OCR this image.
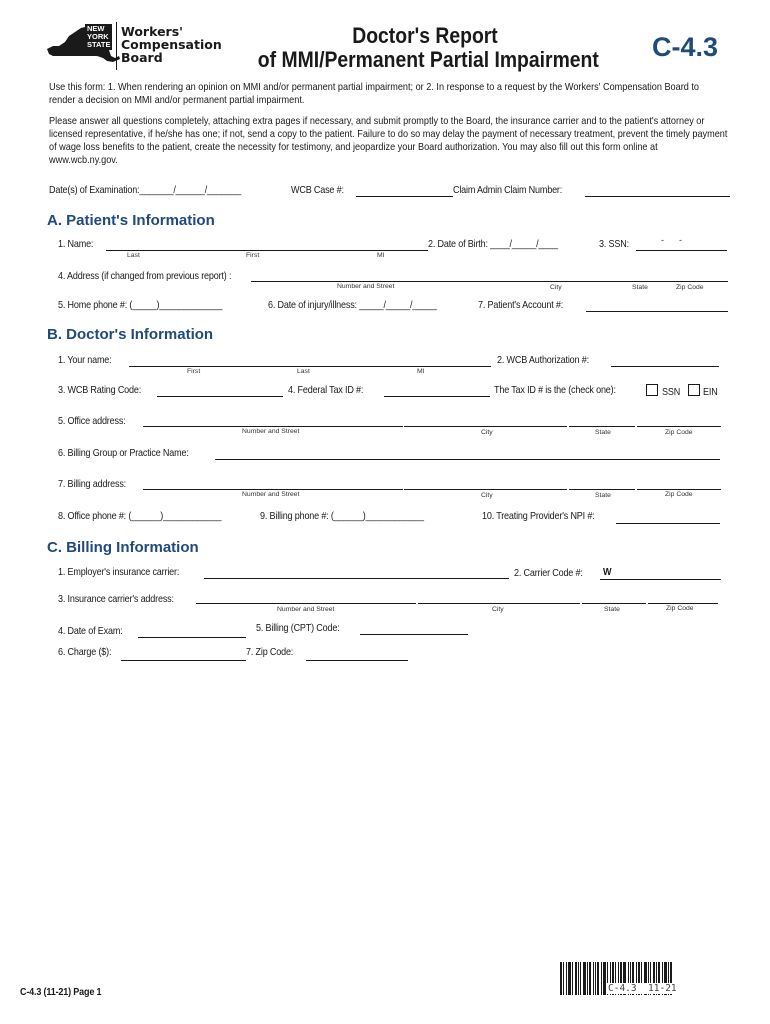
NEW
YORK
STATE
Workers'
Compensation
Board
Doctor's Report
of MMI/Permanent Partial Impairment C-4.3
Use this form: 1. When rendering an opinion on MMI and/or permanent partial impairment; or 2. In response to a request by the Workers' Compensation Board to render a decision on MMI and/or permanent partial impairment.
Please answer all questions completely, attaching extra pages if necessary, and submit promptly to the Board, the insurance carrier and to the patient's attorney or licensed representative, if he/she has one; if not, send a copy to the patient. Failure to do so may delay the payment of necessary treatment, prevent the timely payment of wage loss benefits to the patient, create the necessity for testimony, and jeopardize your Board authorization. You may also fill out this form online at www.wcb.ny.gov.
Date(s) of Examination:_______/______/_______	WCB Case #:	Claim Admin Claim Number:
A. Patient's Information
1. Name:
Last	First	MI
2. Date of Birth: ____/_____/____	3. SSN:	-      -
4. Address (if changed from previous report) :
Number and Street	City	State	Zip Code
5. Home phone #: (_____)_____________	6. Date of injury/illness: _____/_____/_____	7. Patient's Account #:
B. Doctor's Information
1. Your name:
First	Last	MI
2. WCB Authorization #:
3. WCB Rating Code:	4. Federal Tax ID #:	The Tax ID # is the (check one):	SSN EIN
5. Office address:
Number and Street	City	State	Zip Code
6. Billing Group or Practice Name:
7. Billing address:
Number and Street	City	State	Zip Code
8. Office phone #: (______)____________	9. Billing phone #: (______)____________	10. Treating Provider's NPI #:
C. Billing Information
1. Employer's insurance carrier:	2. Carrier Code #: W
3. Insurance carrier's address:
Number and Street	City	State	Zip Code
4. Date of Exam:	5. Billing (CPT) Code:
6. Charge ($):	7. Zip Code:
C-4.3 (11-21) Page 1	C-4.3  11-21
